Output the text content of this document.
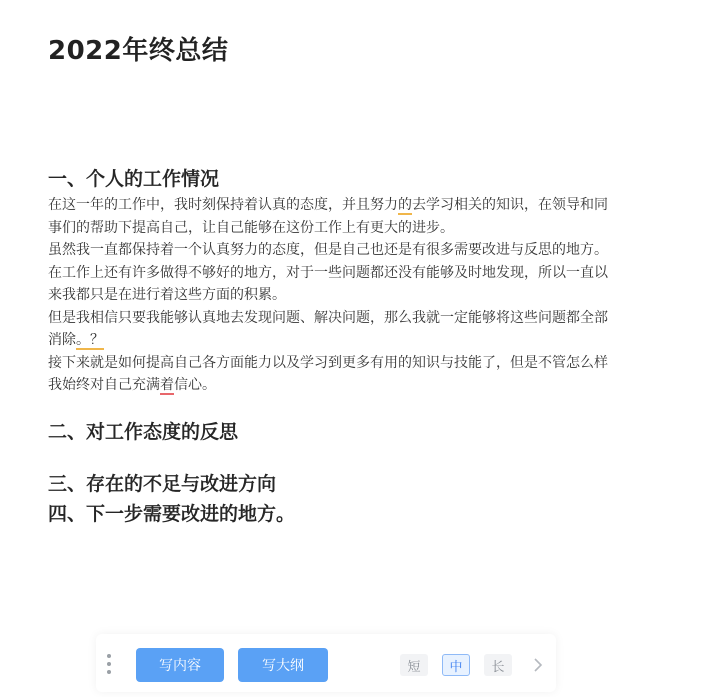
2022年终总结
一、个人的工作情况
在这一年的工作中，我时刻保持着认真的态度，并且努力的去学习相关的知识，在领导和同事们的帮助下提高自己，让自己能够在这份工作上有更大的进步。
虽然我一直都保持着一个认真努力的态度，但是自己也还是有很多需要改进与反思的地方。
在工作上还有许多做得不够好的地方，对于一些问题都还没有能够及时地发现，所以一直以来我都只是在进行着这些方面的积累。
但是我相信只要我能够认真地去发现问题、解决问题，那么我就一定能够将这些问题都全部消除。？
接下来就是如何提高自己各方面能力以及学习到更多有用的知识与技能了，但是不管怎么样我始终对自己充满着信心。
二、对工作态度的反思
三、存在的不足与改进方向
四、下一步需要改进的地方。
写内容	写大纲	短	中	长
